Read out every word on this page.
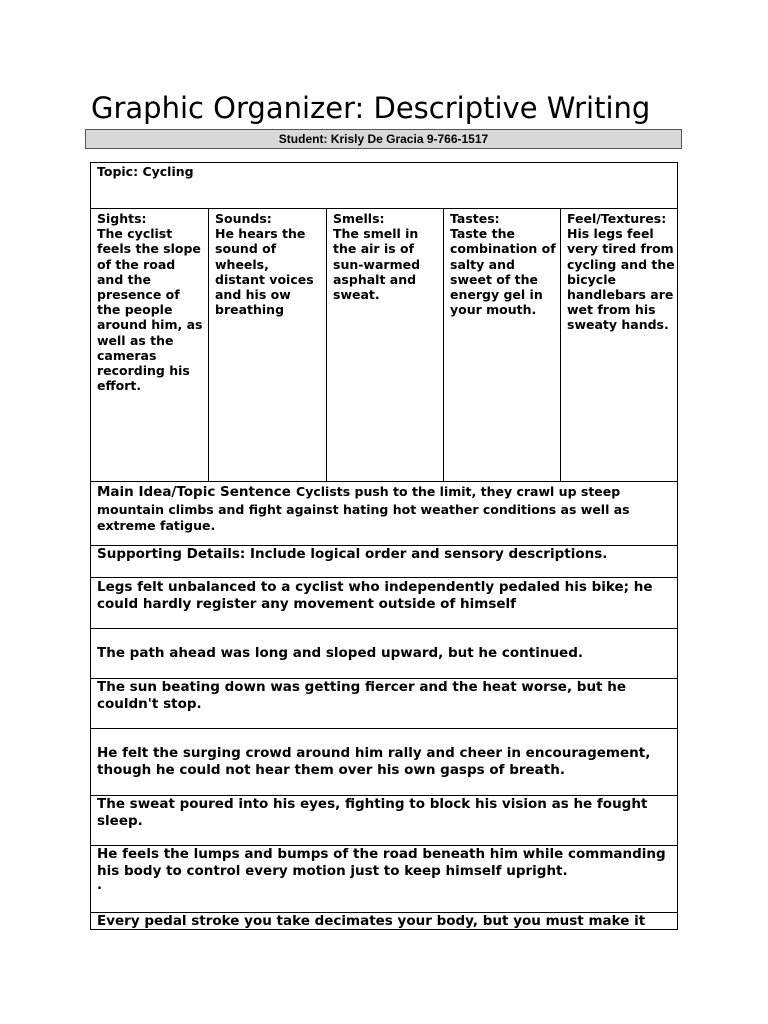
Graphic Organizer: Descriptive Writing
Student: Krisly De Gracia 9-766-1517
Topic: Cycling
Sights:
The cyclist feels the slope of the road and the presence of the people around him, as well as the cameras recording his effort.
Sounds:
He hears the sound of wheels, distant voices and his ow breathing
Smells:
The smell in the air is of sun-warmed asphalt and sweat.
Tastes:
Taste the combination of salty and sweet of the energy gel in your mouth.
Feel/Textures:
His legs feel very tired from cycling and the bicycle handlebars are wet from his sweaty hands.
Main Idea/Topic Sentence Cyclists push to the limit, they crawl up steep mountain climbs and fight against hating hot weather conditions as well as extreme fatigue.
Supporting Details: Include logical order and sensory descriptions.
Legs felt unbalanced to a cyclist who independently pedaled his bike; he could hardly register any movement outside of himself
The path ahead was long and sloped upward, but he continued.
The sun beating down was getting fiercer and the heat worse, but he couldn't stop.
He felt the surging crowd around him rally and cheer in encouragement, though he could not hear them over his own gasps of breath.
The sweat poured into his eyes, fighting to block his vision as he fought sleep.
He feels the lumps and bumps of the road beneath him while commanding his body to control every motion just to keep himself upright.
.
Every pedal stroke you take decimates your body, but you must make it
